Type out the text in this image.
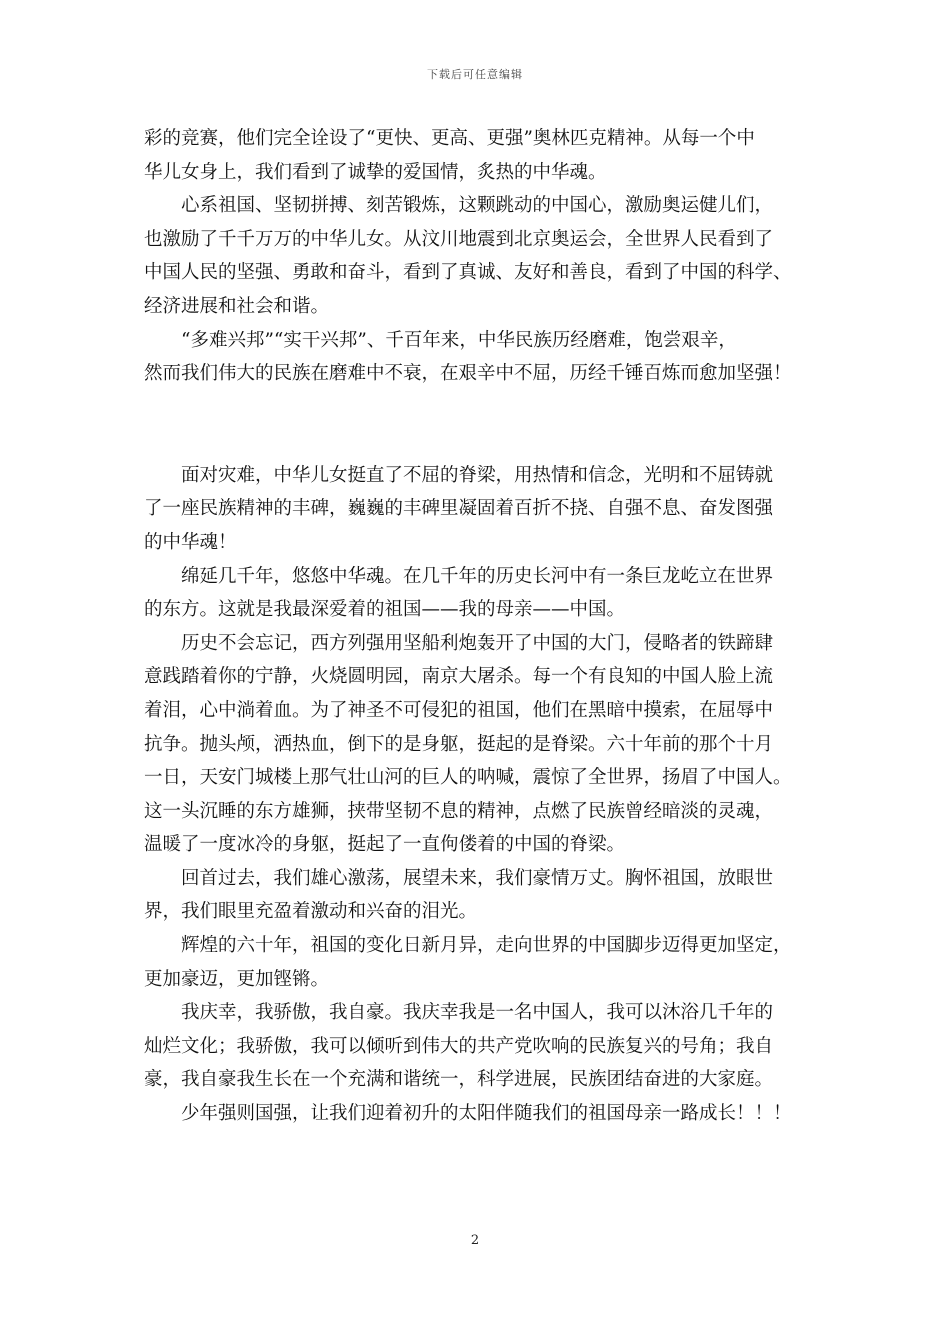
下载后可任意编辑

彩的竞赛，他们完全诠设了“更快、更高、更强”奥林匹克精神。从每一个中
华儿女身上，我们看到了诚挚的爱国情，炙热的中华魂。

心系祖国、坚韧拼搏、刻苦锻炼，这颗跳动的中国心，激励奥运健儿们，
也激励了千千万万的中华儿女。从汶川地震到北京奥运会，全世界人民看到了
中国人民的坚强、勇敢和奋斗，看到了真诚、友好和善良，看到了中国的科学、
经济进展和社会和谐。

“多难兴邦”“实干兴邦”、千百年来，中华民族历经磨难，饱尝艰辛，
然而我们伟大的民族在磨难中不衰，在艰辛中不屈，历经千锤百炼而愈加坚强！

面对灾难，中华儿女挺直了不屈的脊梁，用热情和信念，光明和不屈铸就
了一座民族精神的丰碑，巍巍的丰碑里凝固着百折不挠、自强不息、奋发图强
的中华魂！

绵延几千年，悠悠中华魂。在几千年的历史长河中有一条巨龙屹立在世界
的东方。这就是我最深爱着的祖国——我的母亲——中国。

历史不会忘记，西方列强用坚船利炮轰开了中国的大门，侵略者的铁蹄肆
意践踏着你的宁静，火烧圆明园，南京大屠杀。每一个有良知的中国人脸上流
着泪，心中淌着血。为了神圣不可侵犯的祖国，他们在黑暗中摸索，在屈辱中
抗争。抛头颅，洒热血，倒下的是身躯，挺起的是脊梁。六十年前的那个十月
一日，天安门城楼上那气壮山河的巨人的呐喊，震惊了全世界，扬眉了中国人。
这一头沉睡的东方雄狮，挟带坚韧不息的精神，点燃了民族曾经暗淡的灵魂，
温暖了一度冰冷的身躯，挺起了一直佝偻着的中国的脊梁。

回首过去，我们雄心激荡，展望未来，我们豪情万丈。胸怀祖国，放眼世
界，我们眼里充盈着激动和兴奋的泪光。

辉煌的六十年，祖国的变化日新月异，走向世界的中国脚步迈得更加坚定，
更加豪迈，更加铿锵。

我庆幸，我骄傲，我自豪。我庆幸我是一名中国人，我可以沐浴几千年的
灿烂文化；我骄傲，我可以倾听到伟大的共产党吹响的民族复兴的号角；我自
豪，我自豪我生长在一个充满和谐统一，科学进展，民族团结奋进的大家庭。

少年强则国强，让我们迎着初升的太阳伴随我们的祖国母亲一路成长！！！

2
